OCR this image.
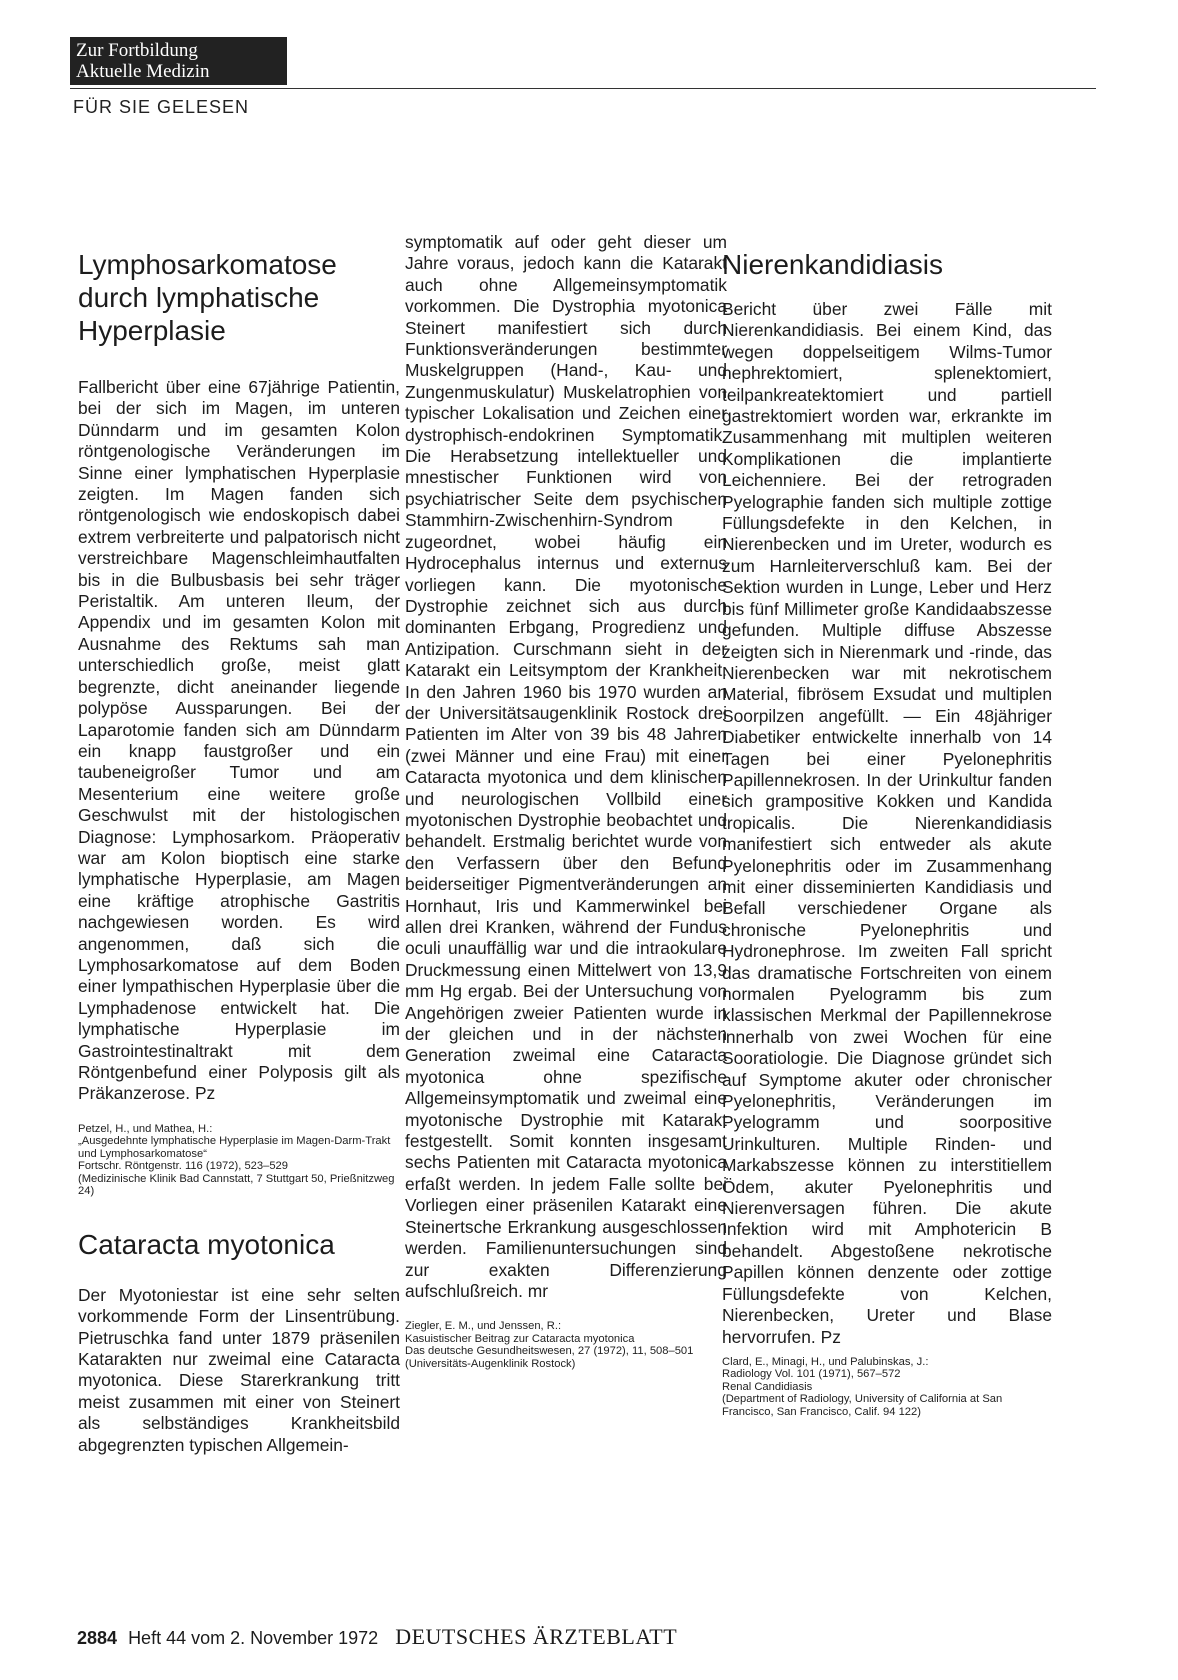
Zur Fortbildung
Aktuelle Medizin
FÜR SIE GELESEN
Lymphosarkomatose
durch lymphatische
Hyperplasie

Fallbericht über eine 67jährige Patientin, bei der sich im Magen, im unteren Dünndarm und im gesamten Kolon röntgenologische Veränderungen im Sinne einer lymphatischen Hyperplasie zeigten. Im Magen fanden sich röntgenologisch wie endoskopisch dabei extrem verbreiterte und palpatorisch nicht verstreichbare Magenschleimhautfalten bis in die Bulbusbasis bei sehr träger Peristaltik. Am unteren Ileum, der Appendix und im gesamten Kolon mit Ausnahme des Rektums sah man unterschiedlich große, meist glatt begrenzte, dicht aneinander liegende polypöse Aussparungen. Bei der Laparotomie fanden sich am Dünndarm ein knapp faustgroßer und ein taubeneigroßer Tumor und am Mesenterium eine weitere große Geschwulst mit der histologischen Diagnose: Lymphosarkom. Präoperativ war am Kolon bioptisch eine starke lymphatische Hyperplasie, am Magen eine kräftige atrophische Gastritis nachgewiesen worden. Es wird angenommen, daß sich die Lymphosarkomatose auf dem Boden einer lympathischen Hyperplasie über die Lymphadenose entwickelt hat. Die lymphatische Hyperplasie im Gastrointestinaltrakt mit dem Röntgenbefund einer Polyposis gilt als Präkanzerose. Pz

Petzel, H., und Mathea, H.:
„Ausgedehnte lymphatische Hyperplasie im Magen-Darm-Trakt und Lymphosarkomatose“
Fortschr. Röntgenstr. 116 (1972), 523–529
(Medizinische Klinik Bad Cannstatt, 7 Stuttgart 50, Prießnitzweg 24)
Cataracta myotonica

Der Myotoniestar ist eine sehr selten vorkommende Form der Linsentrübung. Pietruschka fand unter 1879 präsenilen Katarakten nur zweimal eine Cataracta myotonica. Diese Starerkrankung tritt meist zusammen mit einer von Steinert als selbständiges Krankheitsbild abgegrenzten typischen Allgemein-

symptomatik auf oder geht dieser um Jahre voraus, jedoch kann die Katarakt auch ohne Allgemeinsymptomatik vorkommen. Die Dystrophia myotonica Steinert manifestiert sich durch Funktionsveränderungen bestimmter Muskelgruppen (Hand-, Kau- und Zungenmuskulatur) Muskelatrophien von typischer Lokalisation und Zeichen einer dystrophisch-endokrinen Symptomatik. Die Herabsetzung intellektueller und mnestischer Funktionen wird von psychiatrischer Seite dem psychischen Stammhirn-Zwischenhirn-Syndrom zugeordnet, wobei häufig ein Hydrocephalus internus und externus vorliegen kann. Die myotonische Dystrophie zeichnet sich aus durch dominanten Erbgang, Progredienz und Antizipation. Curschmann sieht in der Katarakt ein Leitsymptom der Krankheit. In den Jahren 1960 bis 1970 wurden an der Universitätsaugenklinik Rostock drei Patienten im Alter von 39 bis 48 Jahren (zwei Männer und eine Frau) mit einer Cataracta myotonica und dem klinischen und neurologischen Vollbild einer myotonischen Dystrophie beobachtet und behandelt. Erstmalig berichtet wurde von den Verfassern über den Befund beiderseitiger Pigmentveränderungen an Hornhaut, Iris und Kammerwinkel bei allen drei Kranken, während der Fundus oculi unauffällig war und die intraokulare Druckmessung einen Mittelwert von 13,9 mm Hg ergab. Bei der Untersuchung von Angehörigen zweier Patienten wurde in der gleichen und in der nächsten Generation zweimal eine Cataracta myotonica ohne spezifische Allgemeinsymptomatik und zweimal eine myotonische Dystrophie mit Katarakt festgestellt. Somit konnten insgesamt sechs Patienten mit Cataracta myotonica erfaßt werden. In jedem Falle sollte bei Vorliegen einer präsenilen Katarakt eine Steinertsche Erkrankung ausgeschlossen werden. Familienuntersuchungen sind zur exakten Differenzierung aufschlußreich. mr

Ziegler, E. M., und Jenssen, R.:
Kasuistischer Beitrag zur Cataracta myotonica
Das deutsche Gesundheitswesen, 27 (1972), 11, 508–501
(Universitäts-Augenklinik Rostock)
Nierenkandidiasis

Bericht über zwei Fälle mit Nierenkandidiasis. Bei einem Kind, das wegen doppelseitigem Wilms-Tumor nephrektomiert, splenektomiert, teilpankreatektomiert und partiell gastrektomiert worden war, erkrankte im Zusammenhang mit multiplen weiteren Komplikationen die implantierte Leichenniere. Bei der retrograden Pyelographie fanden sich multiple zottige Füllungsdefekte in den Kelchen, in Nierenbecken und im Ureter, wodurch es zum Harnleiterverschluß kam. Bei der Sektion wurden in Lunge, Leber und Herz bis fünf Millimeter große Kandidaabszesse gefunden. Multiple diffuse Abszesse zeigten sich in Nierenmark und -rinde, das Nierenbecken war mit nekrotischem Material, fibrösem Exsudat und multiplen Soorpilzen angefüllt. — Ein 48jähriger Diabetiker entwickelte innerhalb von 14 Tagen bei einer Pyelonephritis Papillennekrosen. In der Urinkultur fanden sich grampositive Kokken und Kandida tropicalis. Die Nierenkandidiasis manifestiert sich entweder als akute Pyelonephritis oder im Zusammenhang mit einer disseminierten Kandidiasis und Befall verschiedener Organe als chronische Pyelonephritis und Hydronephrose. Im zweiten Fall spricht das dramatische Fortschreiten von einem normalen Pyelogramm bis zum klassischen Merkmal der Papillennekrose innerhalb von zwei Wochen für eine Sooratiologie. Die Diagnose gründet sich auf Symptome akuter oder chronischer Pyelonephritis, Veränderungen im Pyelogramm und soorpositive Urinkulturen. Multiple Rinden- und Markabszesse können zu interstitiellem Ödem, akuter Pyelonephritis und Nierenversagen führen. Die akute Infektion wird mit Amphotericin B behandelt. Abgestoßene nekrotische Papillen können denzente oder zottige Füllungsdefekte von Kelchen, Nierenbecken, Ureter und Blase hervorrufen. Pz

Clard, E., Minagi, H., und Palubinskas, J.:
Radiology Vol. 101 (1971), 567–572
Renal Candidiasis
(Department of Radiology, University of California at San Francisco, San Francisco, Calif. 94 122)
2884 Heft 44 vom 2. November 1972 DEUTSCHES ÄRZTEBLATT
